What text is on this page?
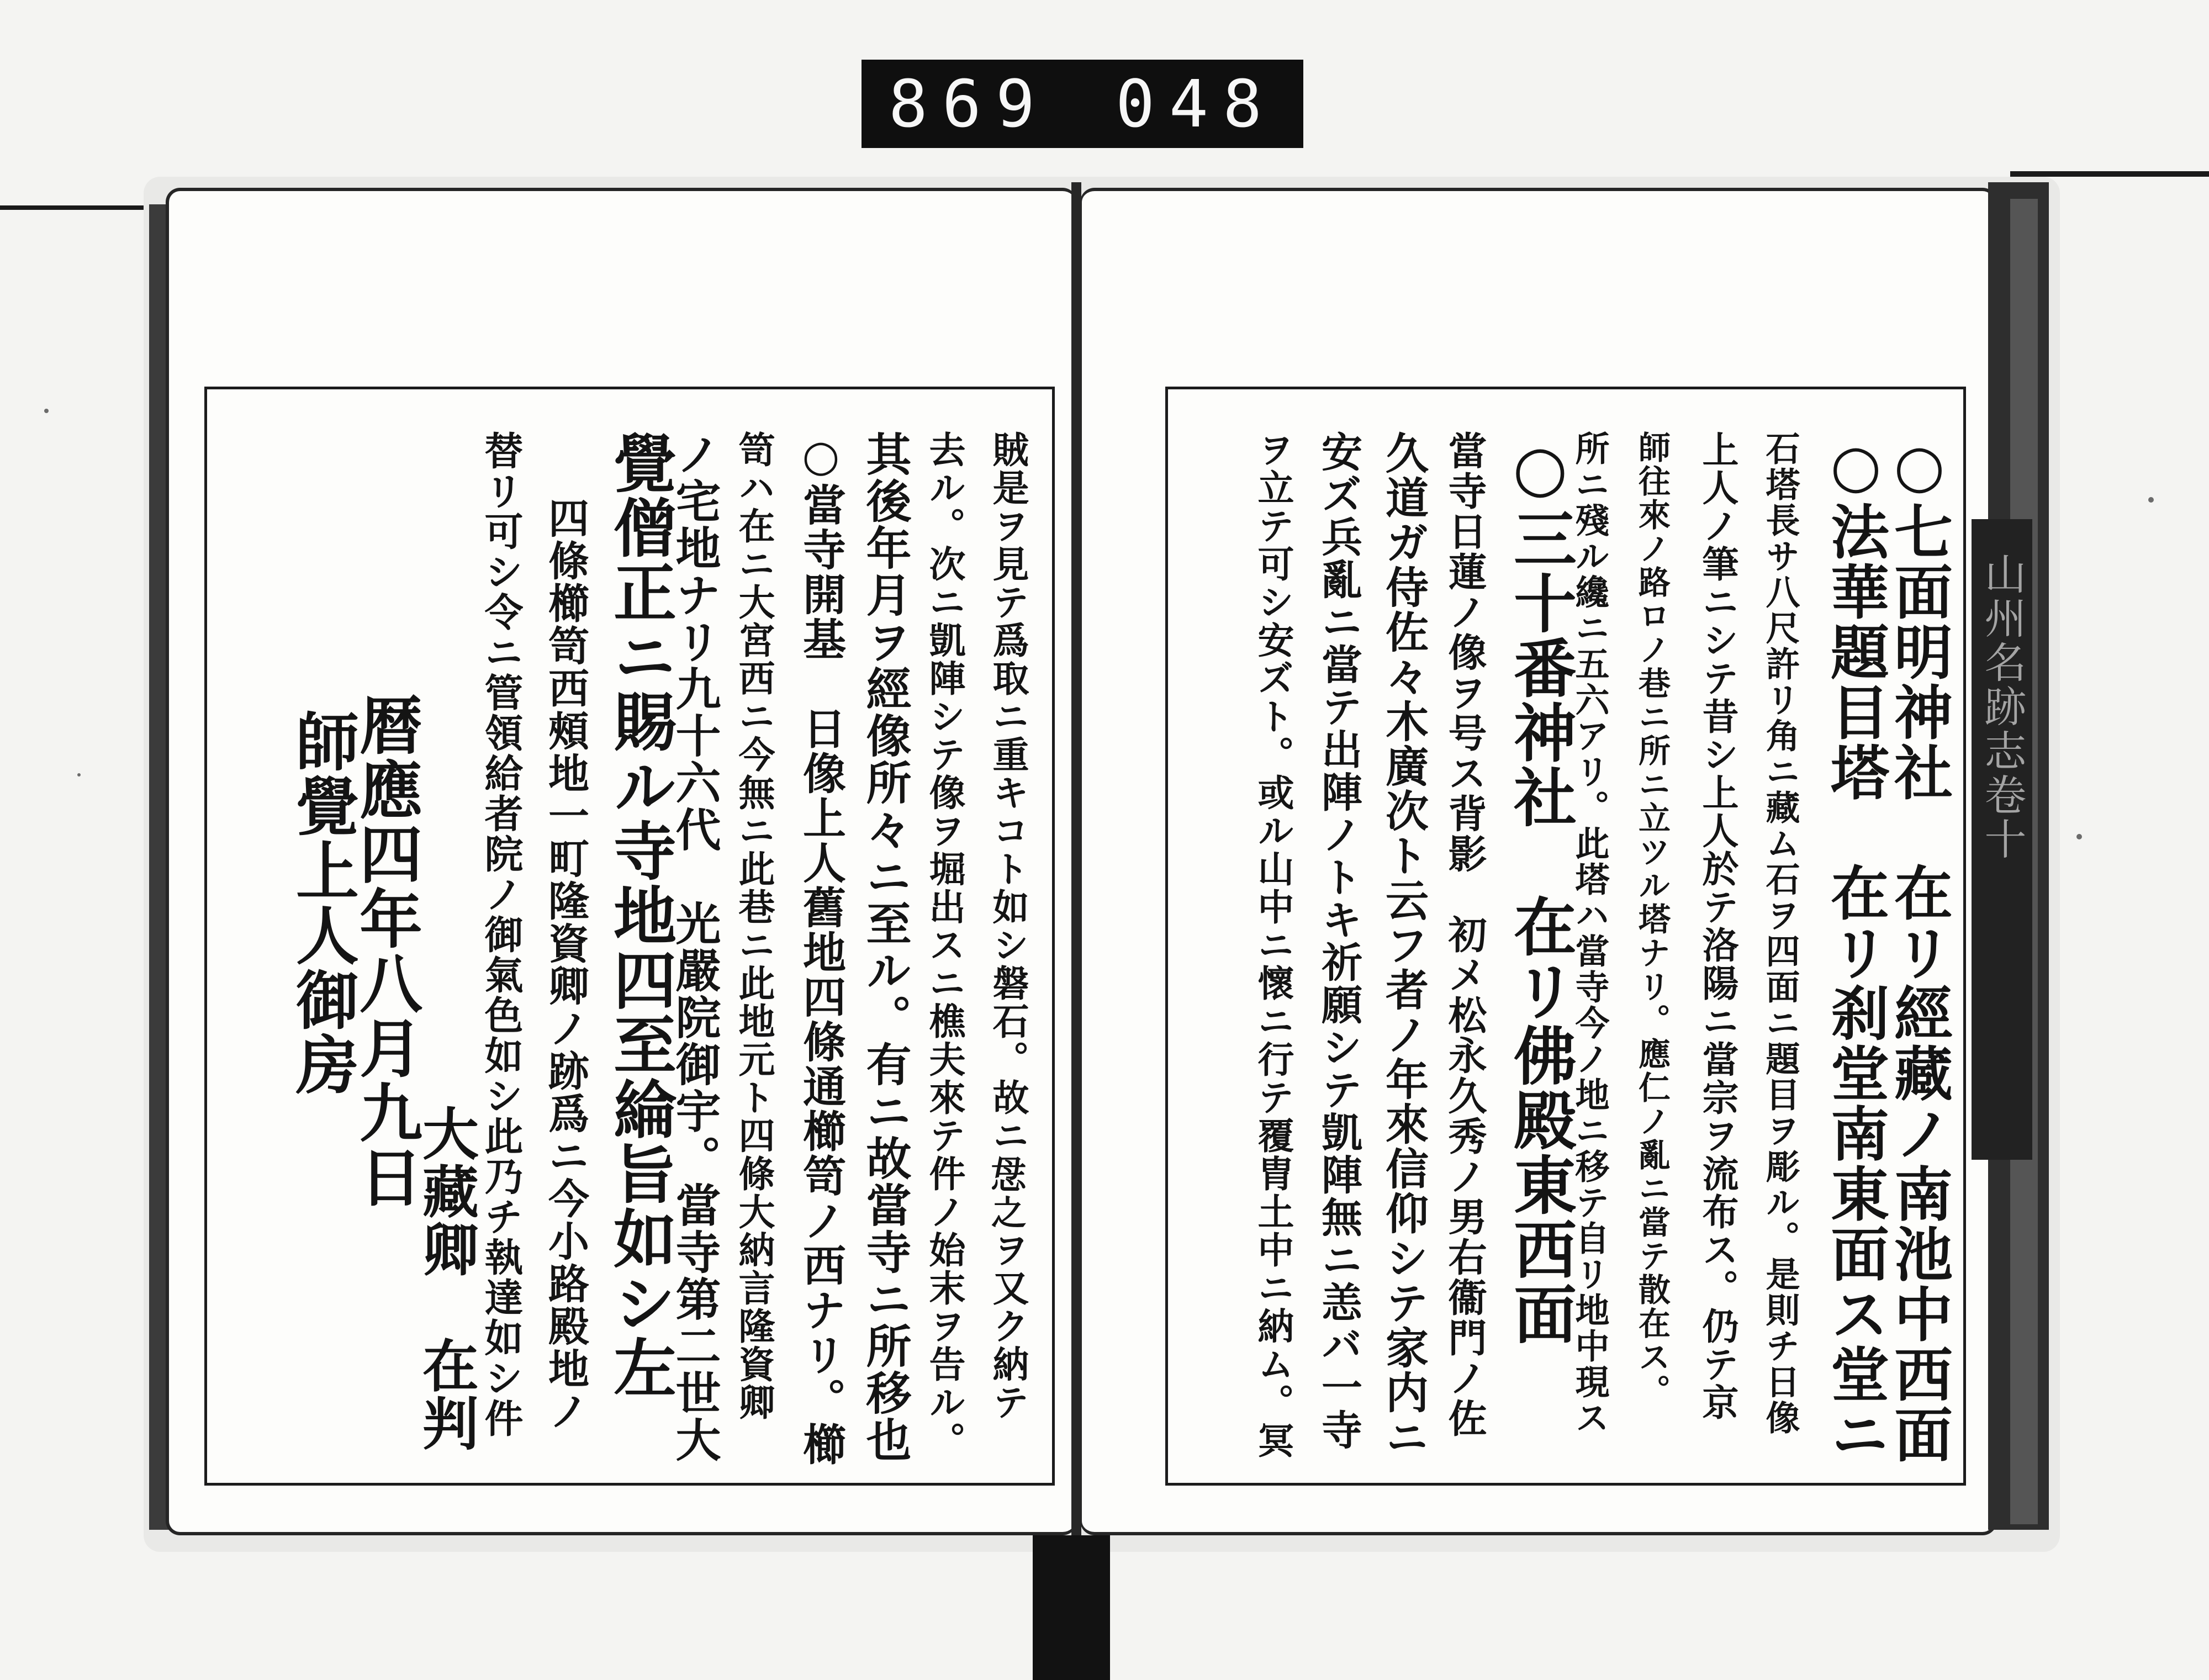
869 048
山州名跡志卷十
賊是ヲ見テ爲取ニ重キコト如シ磐石。故ニ𢘓之ヲ又ク納テ
去ル。次ニ凱陣シテ像ヲ堀出スニ樵夫來テ件ノ始末ヲ告ル。
其後年月ヲ經像所々ニ至ル。有ニ故當寺ニ所移也
○當寺開基　日像上人舊地四條通櫛笥ノ西ナリ。櫛
笥ハ在ニ大宮西ニ今無ニ此巷ニ此地元ト四條大納言隆資卿
ノ宅地ナリ九十六代　光嚴院御宇。當寺第二世大
覺僧正ニ賜ル寺地四至綸旨如シ左
四條櫛笥西頰地一町隆資卿ノ跡爲ニ今小路殿地ノ
替リ可シ令ニ管領給者院ノ御氣色如シ此乃チ執達如シ件
　　大藏卿　在判
　　暦應四年八月九日
　　師覺上人御房	○七面明神社　在リ經藏ノ南池中西面
○法華題目塔　在リ刹堂南東面ス堂ニ
石塔長サ八尺許リ角ニ藏ム石ヲ四面ニ題目ヲ彫ル。是則チ日像
上人ノ筆ニシテ昔シ上人於テ洛陽ニ當宗ヲ流布ス。仍テ京
師往來ノ路ロノ巷ニ所ニ立ツル塔ナリ。應仁ノ亂ニ當テ散在ス。
所ニ殘ル纔ニ五六アリ。此塔ハ當寺今ノ地ニ移テ自リ地中現ス
○三十番神社　在リ佛殿東西面
當寺日蓮ノ像ヲ号ス背影　初メ松永久秀ノ男右衞門ノ佐
久道ガ侍佐々木廣次ト云フ者ノ年來信仰シテ家内ニ
安ズ兵亂ニ當テ出陣ノトキ祈願シテ凱陣無ニ恙バ一寺
ヲ立テ可シ安ズト。或ル山中ニ懷ニ行テ覆胄土中ニ納ム。冥
